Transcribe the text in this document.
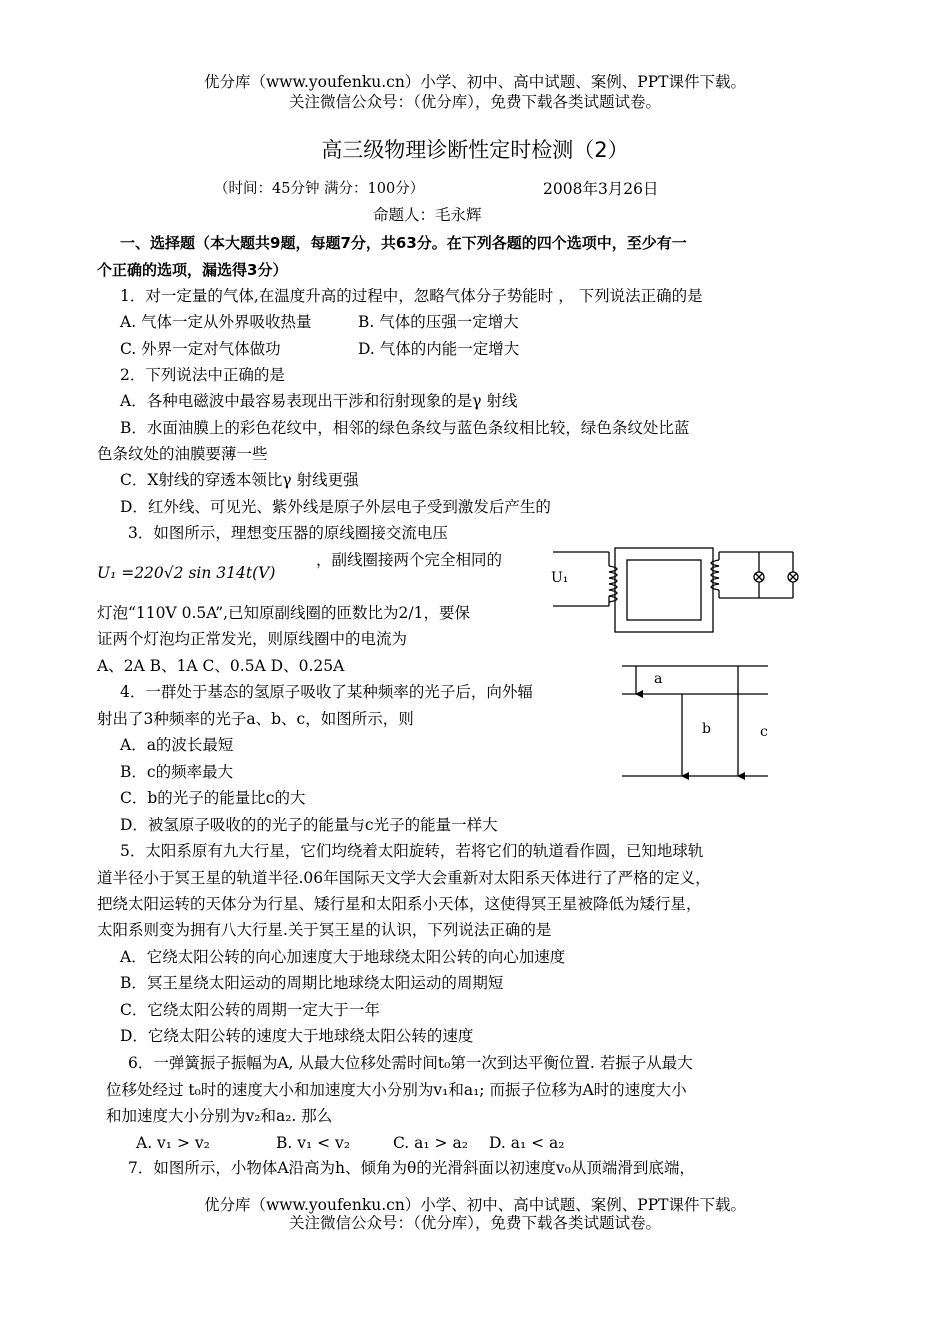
优分库（www.youfenku.cn）小学、初中、高中试题、案例、PPT课件下载。
关注微信公众号：（优分库），免费下载各类试题试卷。
高三级物理诊断性定时检测（2）
（时间：45分钟 满分：100分）	2008年3月26日
命题人：毛永辉
一、选择题（本大题共9题，每题7分，共63分。在下列各题的四个选项中，至少有一
个正确的选项，漏选得3分）
1．对一定量的气体,在温度升高的过程中，忽略气体分子势能时 ， 下列说法正确的是
A. 气体一定从外界吸收热量	B. 气体的压强一定增大
C. 外界一定对气体做功	D. 气体的内能一定增大
2．下列说法中正确的是
A．各种电磁波中最容易表现出干涉和衍射现象的是γ 射线
B．水面油膜上的彩色花纹中，相邻的绿色条纹与蓝色条纹相比较，绿色条纹处比蓝
色条纹处的油膜要薄一些
C．X射线的穿透本领比γ 射线更强
D．红外线、可见光、紫外线是原子外层电子受到激发后产生的
3．如图所示，理想变压器的原线圈接交流电压
U₁ =220√2 sin 314t(V)
，副线圈接两个完全相同的
灯泡“110V 0.5A”,已知原副线圈的匝数比为2/1，要保
证两个灯泡均正常发光，则原线圈中的电流为
A、2A B、1A C、0.5A D、0.25A
U₁
4．一群处于基态的氢原子吸收了某种频率的光子后，向外辐
射出了3种频率的光子a、b、c，如图所示，则
A．a的波长最短
B．c的频率最大
C．b的光子的能量比c的大
D．被氢原子吸收的的光子的能量与c光子的能量一样大
a
b	c
5．太阳系原有九大行星，它们均绕着太阳旋转，若将它们的轨道看作圆，已知地球轨
道半径小于冥王星的轨道半径.06年国际天文学大会重新对太阳系天体进行了严格的定义，
把绕太阳运转的天体分为行星、矮行星和太阳系小天体，这使得冥王星被降低为矮行星，
太阳系则变为拥有八大行星.关于冥王星的认识，下列说法正确的是
A．它绕太阳公转的向心加速度大于地球绕太阳公转的向心加速度
B．冥王星绕太阳运动的周期比地球绕太阳运动的周期短
C．它绕太阳公转的周期一定大于一年
D．它绕太阳公转的速度大于地球绕太阳公转的速度
6．一弹簧振子振幅为A, 从最大位移处需时间t₀第一次到达平衡位置. 若振子从最大
位移处经过 t₀时的速度大小和加速度大小分别为v₁和a₁; 而振子位移为A时的速度大小
和加速度大小分别为v₂和a₂. 那么
A. v₁ > v₂	B. v₁ < v₂	C. a₁ > a₂ D. a₁ < a₂
7．如图所示，小物体A沿高为h、倾角为θ的光滑斜面以初速度v₀从顶端滑到底端，
优分库（www.youfenku.cn）小学、初中、高中试题、案例、PPT课件下载。
关注微信公众号：（优分库），免费下载各类试题试卷。
